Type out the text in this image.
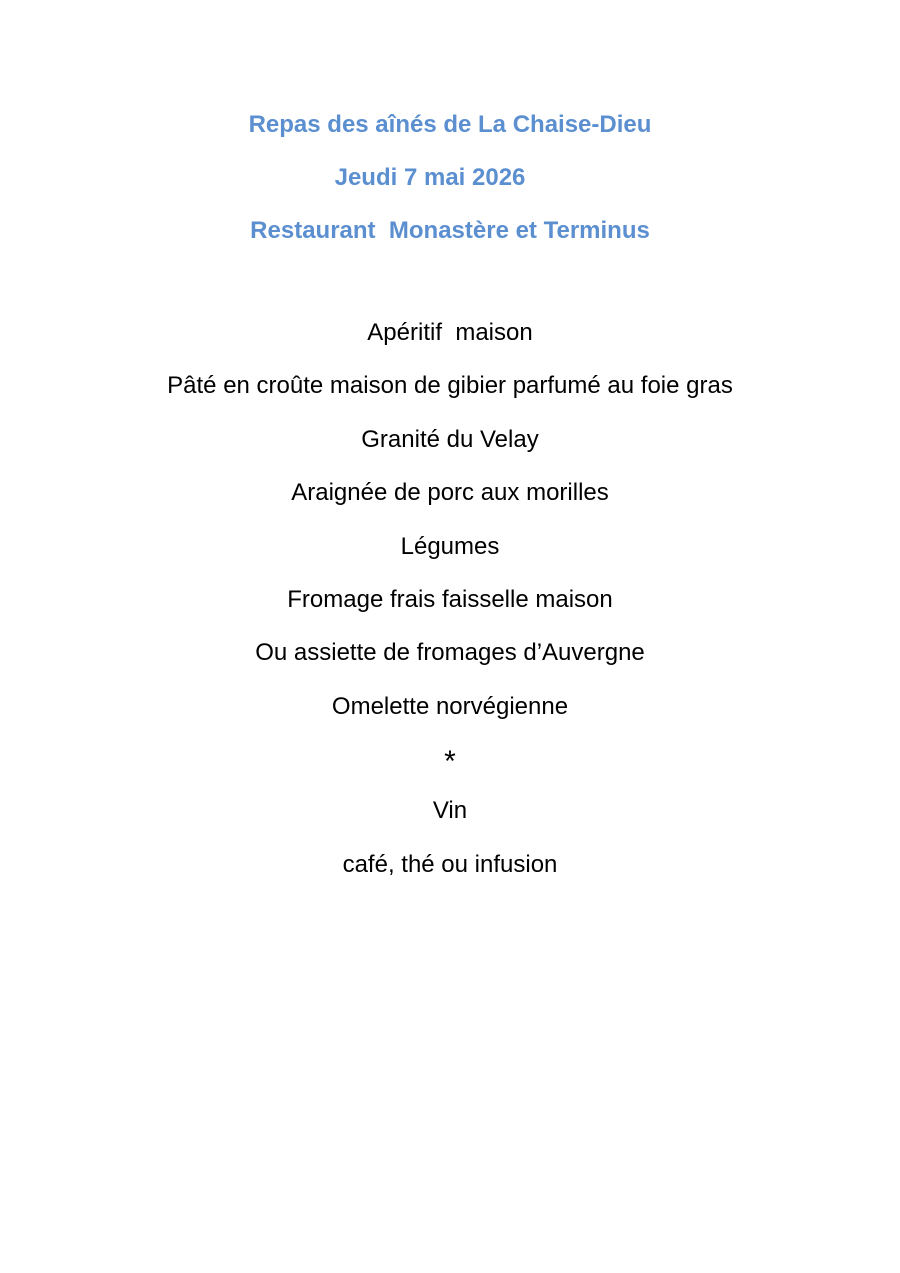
Repas des aînés de La Chaise-Dieu
Jeudi 7 mai 2026
Restaurant  Monastère et Terminus
Apéritif  maison
Pâté en croûte maison de gibier parfumé au foie gras
Granité du Velay
Araignée de porc aux morilles
Légumes
Fromage frais faisselle maison
Ou assiette de fromages d’Auvergne
Omelette norvégienne
*
Vin
café, thé ou infusion
